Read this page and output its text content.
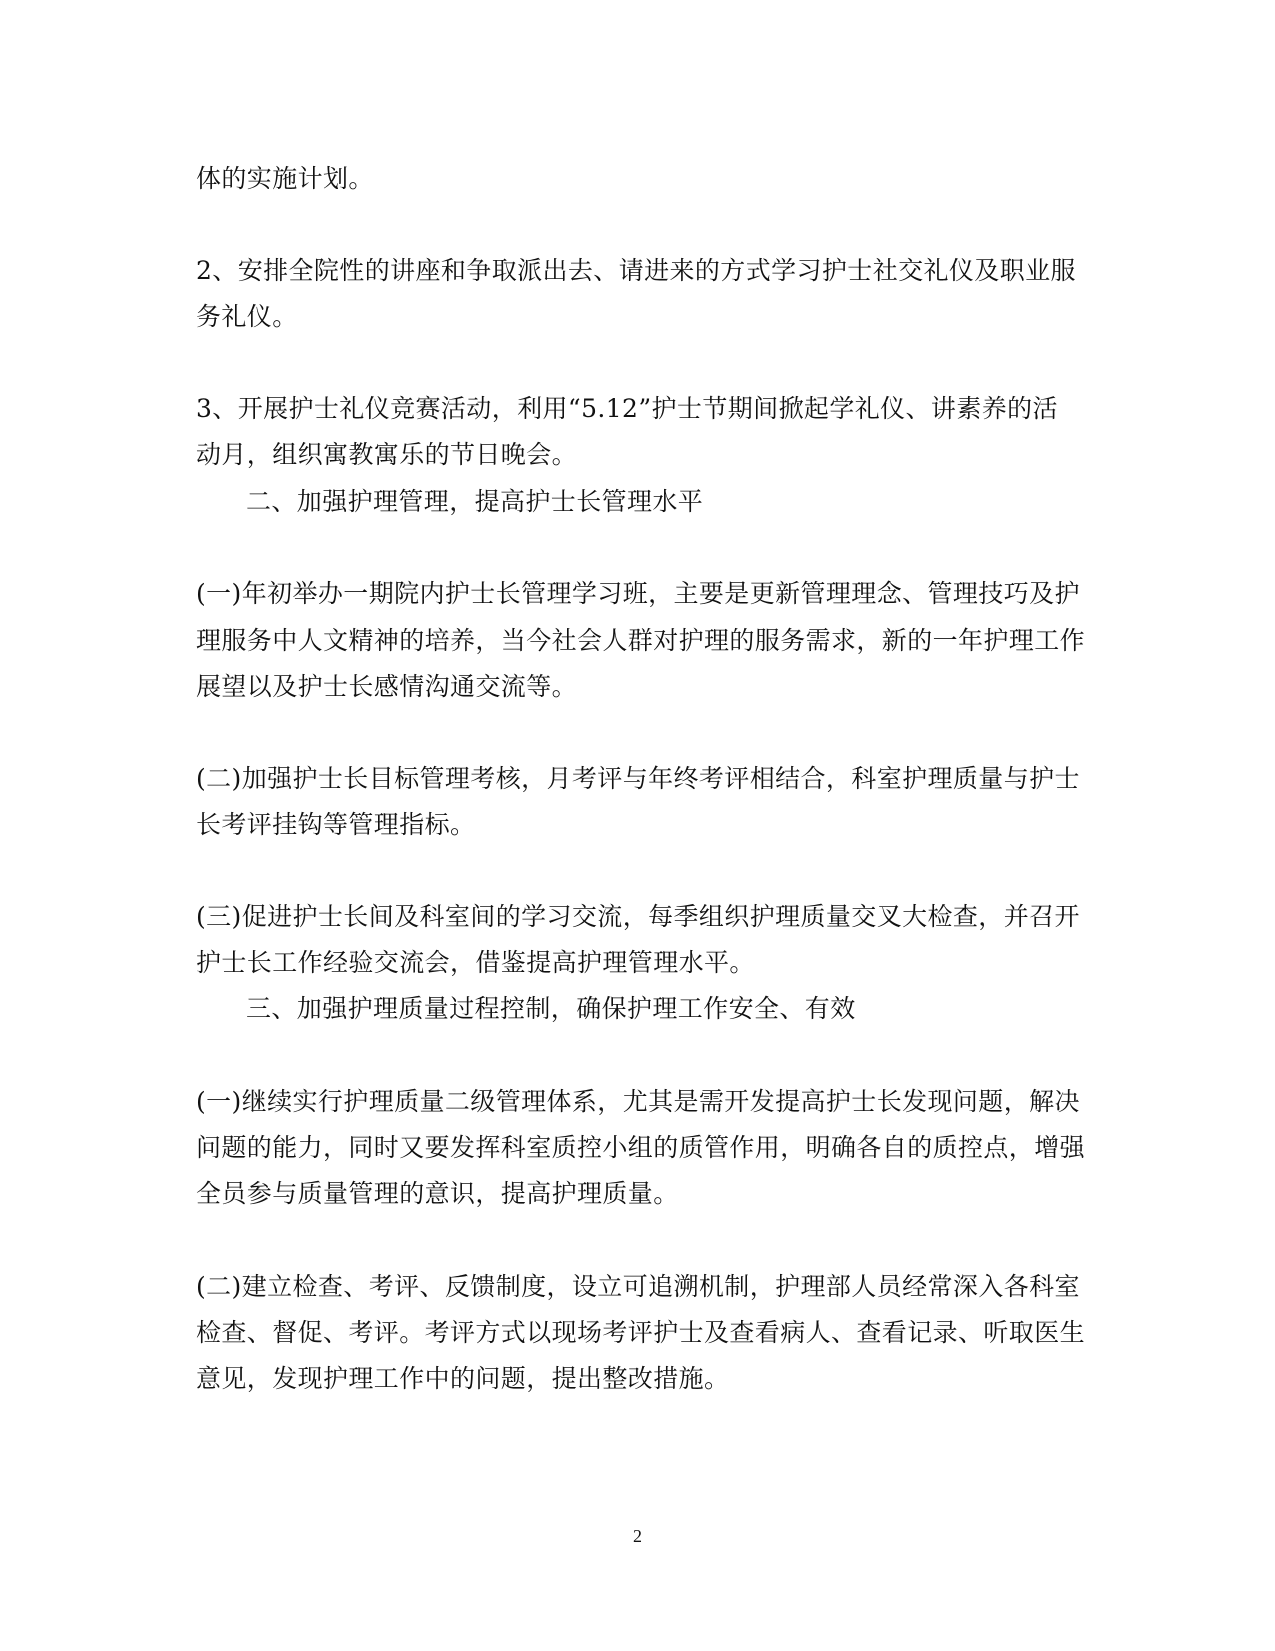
体的实施计划。
2、安排全院性的讲座和争取派出去、请进来的方式学习护士社交礼仪及职业服
务礼仪。
3、开展护士礼仪竞赛活动，利用“5.12”护士节期间掀起学礼仪、讲素养的活
动月，组织寓教寓乐的节日晚会。
二、加强护理管理，提高护士长管理水平
(一)年初举办一期院内护士长管理学习班，主要是更新管理理念、管理技巧及护
理服务中人文精神的培养，当今社会人群对护理的服务需求，新的一年护理工作
展望以及护士长感情沟通交流等。
(二)加强护士长目标管理考核，月考评与年终考评相结合，科室护理质量与护士
长考评挂钩等管理指标。
(三)促进护士长间及科室间的学习交流，每季组织护理质量交叉大检查，并召开
护士长工作经验交流会，借鉴提高护理管理水平。
三、加强护理质量过程控制，确保护理工作安全、有效
(一)继续实行护理质量二级管理体系，尤其是需开发提高护士长发现问题，解决
问题的能力，同时又要发挥科室质控小组的质管作用，明确各自的质控点，增强
全员参与质量管理的意识，提高护理质量。
(二)建立检查、考评、反馈制度，设立可追溯机制，护理部人员经常深入各科室
检查、督促、考评。考评方式以现场考评护士及查看病人、查看记录、听取医生
意见，发现护理工作中的问题，提出整改措施。
2
